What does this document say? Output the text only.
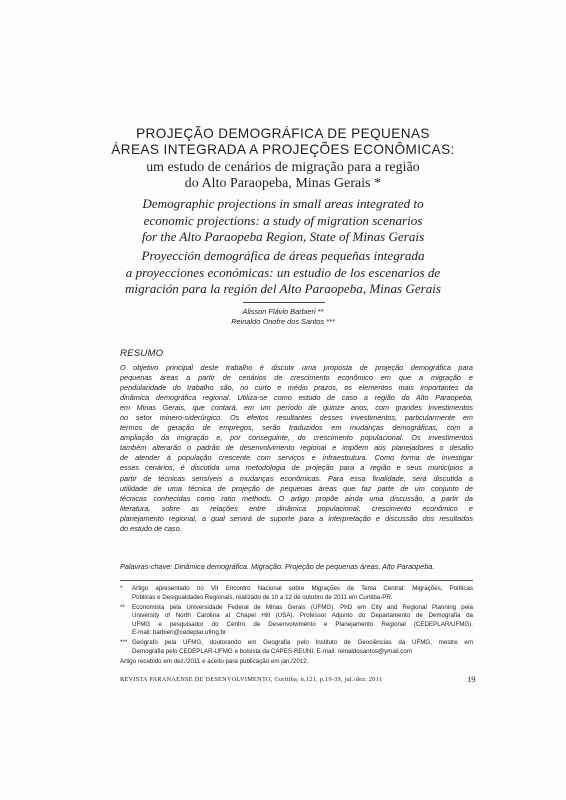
PROJEÇÃO DEMOGRÁFICA DE PEQUENAS
ÁREAS INTEGRADA A PROJEÇÕES ECONÔMICAS:
um estudo de cenários de migração para a região
do Alto Paraopeba, Minas Gerais *
Demographic projections in small areas integrated to
economic projections: a study of migration scenarios
for the Alto Paraopeba Region, State of Minas Gerais
Proyección demográfica de áreas pequeñas integrada
a proyecciones económicas: un estudio de los escenarios de
migración para la región del Alto Paraopeba, Minas Gerais
Alisson Flávio Barbieri **
Reinaldo Onofre dos Santos ***
RESUMO
O objetivo principal deste trabalho é discutir uma proposta de projeção demográfica para
pequenas áreas a partir de cenários de crescimento econômico em que a migração e
pendularidade do trabalho são, no curto e médio prazos, os elementos mais importantes da
dinâmica demográfica regional. Utiliza-se como estudo de caso a região do Alto Paraopeba,
em Minas Gerais, que contará, em um período de quinze anos, com grandes investimentos
no setor minero-siderúrgico. Os efeitos resultantes desses investimentos, particularmente em
termos de geração de empregos, serão traduzidos em mudanças demográficas, com a
ampliação da imigração e, por conseguinte, do crescimento populacional. Os investimentos
também alterarão o padrão de desenvolvimento regional e impõem aos planejadores o desafio
de atender à população crescente com serviços e infraestrutura. Como forma de investigar
esses cenários, é discutida uma metodologia de projeção para a região e seus municípios a
partir de técnicas sensíveis a mudanças econômicas. Para essa finalidade, será discutida a
utilidade de uma técnica de projeção de pequenas áreas que faz parte de um conjunto de
técnicas conhecidas como ratio methods. O artigo propõe ainda uma discussão, a partir da
literatura, sobre as relações entre dinâmica populacional, crescimento econômico e
planejamento regional, a qual servirá de suporte para a interpretação e discussão dos resultados
do estudo de caso.
Palavras-chave: Dinâmica demográfica. Migração. Projeção de pequenas áreas. Alto Paraopeba.
* Artigo apresentado no VII Encontro Nacional sobre Migrações de Tema Central: Migrações, Políticas
Públicas e Desigualdades Regionais, realizado de 10 a 12 de outubro de 2011 em Curitiba-PR.
** Economista pela Universidade Federal de Minas Gerais (UFMG). PhD em City and Regional Planning pela
University of North Carolina at Chapel Hill (USA). Professor Adjunto do Departamento de Demografia da
UFMG e pesquisador do Centro de Desenvolvimento e Planejamento Regional (CEDEPLAR/UFMG).
E-mail: barbieri@cedeplar.ufmg.br
*** Geógrafo pela UFMG, doutorando em Geografia pelo Instituto de Geociências da UFMG, mestre em
Demografia pelo CEDEPLAR-UFMG e bolsista da CAPES-REUNI. E-mail: reinaldosantos@ymail.com
Artigo recebido em dez./2011 e aceito para publicação em jan./2012.
REVISTA PARANAENSE DE DESENVOLVIMENTO, Curitiba, n.121, p.19-39, jul./dez. 2011	19
